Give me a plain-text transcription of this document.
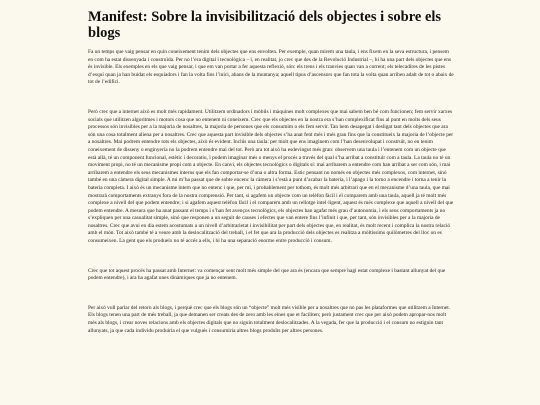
Manifest: Sobre la invisibilització dels objectes i sobre els blogs

Fa un temps que vaig pensar en quin coneixement tenim dels objectes que ens envolten. Per exemple, quan mirem una taula, i ens fixem en la seva estructura, i pensem en com ha estat dissenyada i construïda. Per no l’era digital i tecnològica – i, en realitat, jo crec que des de la Revolució Industrial –, hi ha una part dels objectes que ens és invisible. Els exemples en els que vaig pensar, i que em van portar a fer aquesta reflexió, són: els trens i els tranvies quan van a corrent; els telecadires de les pistes d’esquí quan ja han buidat els esquiadors i fan la volta fins l’inici, abans de la muntanya; aquell tipus d’ascensors que fan tota la volta quan arriben adalt de tot o abaix de tot de l’edifici.

Però crec que a internet això es molt més rapidament. Utilitzem ordinadors i mòbils i màquines molt complexes que mai sabem ben bé com funcionen; fem servir xarxes socials que utilitzen algoritmes i motors cosa que no entenem ni coneixem. Crec que els objectes en la nostra era s’han complexificat fins al punt en molts dels seus processos són invisibles per a la majoria de nosaltres, la majoria de persones que els consumim o els fem servir. Tan hem desapegat i desligat tant dels objectes que ara són una cosa totalment aliena per a nosaltres. Crec que aquesta part invisible dels objectes s’ha anat fent més i més gran fins que la constitueix la majoria de l’objecte per a nosaltres. Mai podrem entendre tots els objectes, això és evident. Inclús una taula: per molt que ens imaginem com l’han desenvolupat i construït, no en tenim coneixement de disseny o enginyeria no la podrem entendre mai del tot. Però ara tot això ha esdevingut més gran: observem una taula i l’entenem com un objecte que està allà, té un component funcional, estètic i decoratiu, i podem imaginar més o menys el procés a través del qual s’ha arribat a constituir com a taula. La taula no té un moviment propi, no té un mecanisme propi com a objecte. En canvi, els objectes tecnològics o digitals sí: mai arribarem a entendre com han arribat a ser com són, i mai arribarem a entendre els seus mecanismes interns que els fan comportar-se d’una o altra forma. Estic pensant no només en objectes més complexos, com internet, sinó també en una càmera digital simple. A mi m’ha passat que de sobte encenc la càmera i s’està a punt d’acabar la bateria, i l’apago i la torno a encendre i torna a tenir la bateria completa. I això és un mecanisme intern que no entenc i que, per mi, i probablement per tothom, és molt més arbitrari que en el mecanisme d’una taula, que mai mostrarà comportaments extranys fora de la nostra comprensió. Per tant, si agafem un objecte com un telèfon fàcil i el comparem amb una taula, aquell ja té molt més complexe a nivell del que podem entendre; i si agafem aquest telèfon fàcil i el comparem amb un rellotge intel·ligent, aquest és més complexe que aquell a nivell del que podem entendre. A mesura que ha anat passant el temps i s’han fet avenços tecnològics, els objectes han agafat més grau d’autonomia, i els seus comportaments ja no s’expliquen per una casualitat simple, sinó que responen a un seguit de causes i efectes que van entere fins l’infinit i que, per tant, són invisibles per a la majoria de nosaltres. Crec que avui en dia estem acostumats a un nivell d’arbitrarietat i invisibilitat per part dels objectes que, en realitat, és molt recent i complica la nostra relació amb el món. Tot això també té a veure amb la deslocalització del treball, i el fet que ara la producció dels objectes es realitza a mòltissims quilòmetres del lloc on es consumeixen. La gent que els produeix no té accés a ells, i hi ha una separació enorme entre producció i consum.

Crec que tot aquest procés ha passat amb Internet: va començar sent molt més simple del que ara és (encara que sempre hagi estat complexe i bastant allunyat del que podem entendre), i ara ha agafat unes dinàmiques que ja no entenem.

Per això vull parlar del retorn als blogs, i perquè crec que els blogs són un “objecte” molt més visible per a nosaltres que no pas les plataformes que utilitzem a Internet. Els blogs tenen una part de més treball, ja que demanen ser creats des de zero amb les eines que et faciliten; però justament crec que per això podem apropar-nos molt més als blogs, i crear noves relacions amb els objectes digitals que no siguin totalment deslocalitzades. A la vegada, fer que la producció i el consum no estiguin tant allunyats, ja que cada individu produiria el que vulgués i consumiria altres blogs produïts per altres persones.
